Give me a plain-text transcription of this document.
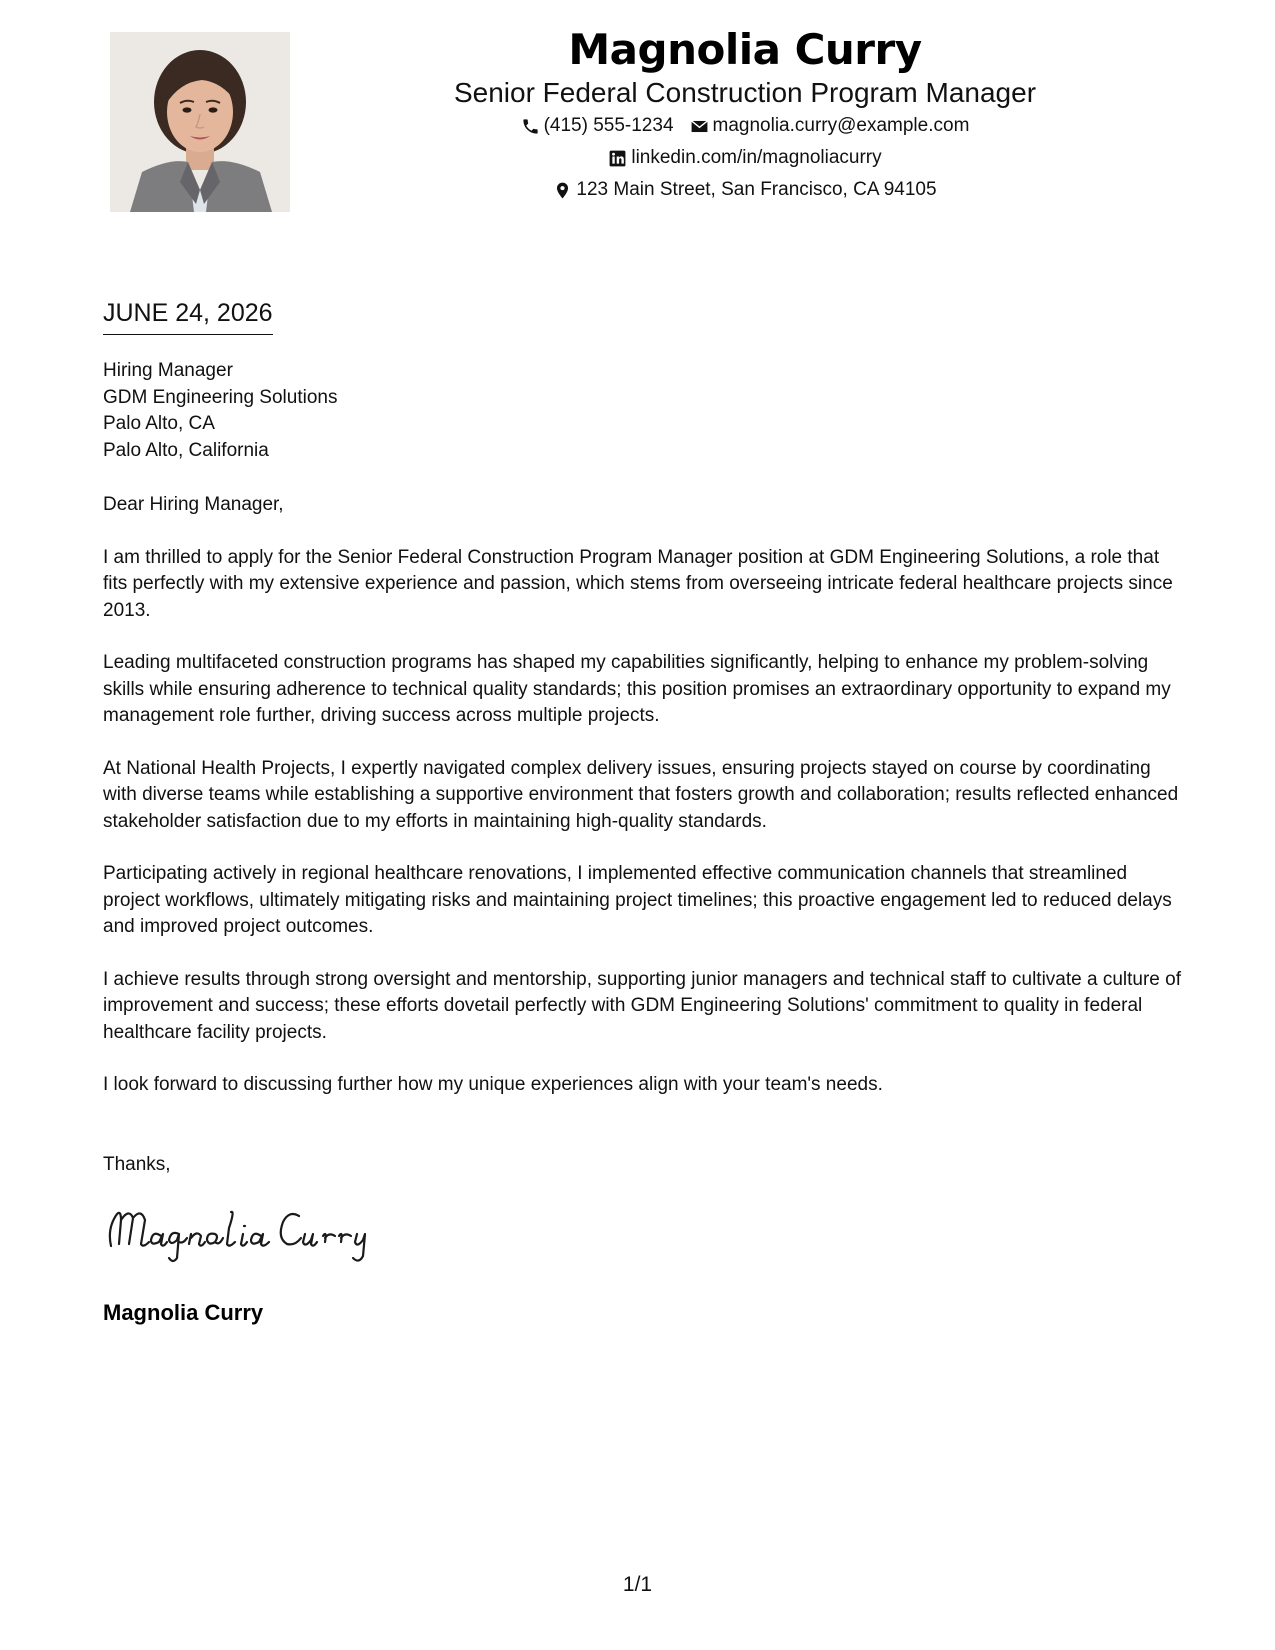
Magnolia Curry
Senior Federal Construction Program Manager
(415) 555-1234 magnolia.curry@example.com
linkedin.com/in/magnoliacurry
123 Main Street, San Francisco, CA 94105
JUNE 24, 2026
Hiring Manager
GDM Engineering Solutions
Palo Alto, CA
Palo Alto, California

Dear Hiring Manager,

I am thrilled to apply for the Senior Federal Construction Program Manager position at GDM Engineering Solutions, a role that fits perfectly with my extensive experience and passion, which stems from overseeing intricate federal healthcare projects since 2013.

Leading multifaceted construction programs has shaped my capabilities significantly, helping to enhance my problem-solving skills while ensuring adherence to technical quality standards; this position promises an extraordinary opportunity to expand my management role further, driving success across multiple projects.

At National Health Projects, I expertly navigated complex delivery issues, ensuring projects stayed on course by coordinating with diverse teams while establishing a supportive environment that fosters growth and collaboration; results reflected enhanced stakeholder satisfaction due to my efforts in maintaining high-quality standards.

Participating actively in regional healthcare renovations, I implemented effective communication channels that streamlined project workflows, ultimately mitigating risks and maintaining project timelines; this proactive engagement led to reduced delays and improved project outcomes.

I achieve results through strong oversight and mentorship, supporting junior managers and technical staff to cultivate a culture of improvement and success; these efforts dovetail perfectly with GDM Engineering Solutions' commitment to quality in federal healthcare facility projects.

I look forward to discussing further how my unique experiences align with your team's needs.

Thanks,
Magnolia Curry
1/1
